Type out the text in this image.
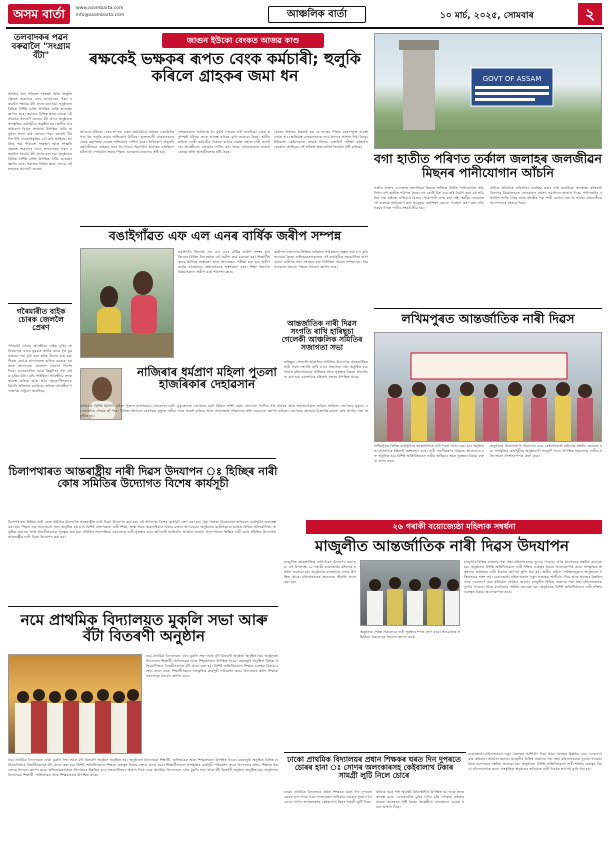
অসম বাৰ্তা	www.asombarta.com
info@asombarta.com	আঞ্চলিক বাৰ্তা	১০ মাৰ্চ, ২০২৫, সোমবাৰ	২
তলবাদকৰ পৱন বৰুৱালৈ "সংগ্ৰাম বঁটা"
আজিৰ পৰা পৰিবেশ সংৰক্ষণ আৰু সংস্কৃতি ক্ষেত্ৰত অৱদানৰ বাবে তলবাদকৰ পৱন বৰুৱালৈ সংগ্ৰাম বঁটা প্ৰদান কৰা হয়। অনুষ্ঠানত বিভিন্ন বিশিষ্ট ব্যক্তি উপস্থিত থাকি শুভেচ্ছা জ্ঞাপন কৰে। সমাজৰ বিভিন্ন স্তৰৰ লোকে এই সন্মানক আদৰণি জনায়। বঁটা প্ৰদান অনুষ্ঠানত সাংস্কৃতিক কাৰ্যসূচীও অনুষ্ঠিত হয়। স্থানীয় জনসাধাৰণে বিপুল সংখ্যাত উপস্থিত থাকি অনুষ্ঠান সফল কৰি তোলে। পৱন বৰুৱাই দীৰ্ঘদিন ধৰি লোকসংস্কৃতিৰ চৰ্চা কৰি আহিছে। আজিৰ পৰা পৰিবেশ সংৰক্ষণ আৰু সংস্কৃতি ক্ষেত্ৰত অৱদানৰ বাবে তলবাদকৰ পৱন বৰুৱালৈ সংগ্ৰাম বঁটা প্ৰদান কৰা হয়। অনুষ্ঠানত বিভিন্ন বিশিষ্ট ব্যক্তি উপস্থিত থাকি শুভেচ্ছা জ্ঞাপন কৰে। সমাজৰ বিভিন্ন স্তৰৰ লোকে এই সন্মানক আদৰণি জনায়।
গৰৈমাৰীত বাইক চোৰক জেললৈ প্ৰেৰণ
গৰৈমাৰী থানাৰ আৰক্ষীয়ে বাইক চুৰিৰ অভিযোগত এজন যুৱকক আটক কৰে। ধৃত যুৱকজনৰ পৰা চুৰি কৰা বাইক উদ্ধাৰ কৰা হয়। পিছত তেওঁক আদালতত হাজিৰ কৰোৱা হয় আৰু আদালতে জেললৈ প্ৰেৰণৰ নিৰ্দেশ দিয়ে। এলেকাটোত যোৱা কিছুদিনৰ পৰা বাইক চুৰিৰ ঘটনা বৃদ্ধি পাইছিল। আৰক্ষীয়ে তদন্ত আৰম্ভ কৰিছে আৰু আন সহযোগীসকলক বিচাৰি অভিযান চলাইছে। ৰাইজে আৰক্ষীৰ পদক্ষেপক সাধুবাদ জনাইছে।
জাগুন ইউকো বেংকত আজৱ কাণ্ড
ৰক্ষকেই ভক্ষকৰ ৰূপত বেংক কৰ্মচাৰী; হুলুকি কৰিলে গ্ৰাহকৰ জমা ধন
জাগুনৰ ইউকো বেংক শাখাৰ এজন কৰ্মচাৰীয়ে গ্ৰাহকৰ একাউণ্টৰ পৰা ধন হুলুকি কৰাৰ অভিযোগ উঠিছে। ভুক্তভোগী গ্ৰাহকসকলে বেংক কৰ্তৃপক্ষৰ ওচৰত অভিযোগ দাখিল কৰে। অভিযোগ অনুসৰি কৰ্মচাৰীজনে গ্ৰাহকৰ জমা ধন নিজৰ হিচাপলৈ স্থানান্তৰ কৰিছিল। ঘটনাটো পোহৰলৈ অহাৰ পিছত এলেকাত চাঞ্চল্যৰ সৃষ্টি হয়।
গ্ৰাহকসকলে অবিলম্বে ধন ঘূৰাই পোৱাৰ দাবী জনাইছে। বেংক কৰ্তৃপক্ষই ঘটনাৰ তদন্ত আৰম্ভ কৰিছে বুলি জনোৱা হৈছে। স্থানীয় ৰাইজে দোষী কৰ্মচাৰীৰ বিৰুদ্ধে কঠোৰ ব্যৱস্থা গ্ৰহণৰ দাবী জনাইছে। আৰক্ষীতো এজাহাৰ দাখিল কৰা হৈছে। গ্ৰাহকসকলৰ মাজত বেংকৰ প্ৰতি আস্থাহীনতাৰ সৃষ্টি হৈছে।
বেংকৰ উৰ্দ্ধতন বিষয়াই কয় যে তদন্তৰ পিছত যথোপযুক্ত ব্যৱস্থা লোৱা হ'ব। ক্ষতিগ্ৰস্ত গ্ৰাহকসকলক ন্যায় প্ৰদানৰ আশ্বাস দিয়া হৈছে। ইতিমধ্যে কেইবাজনো গ্ৰাহকে নিজৰ একাউণ্ট পৰীক্ষা কৰিবলৈ বেংকলৈ আহিছে। এই ঘটনাই অঞ্চলটোত বিতৰ্কৰ সৃষ্টি কৰিছে।
বঙাইগাঁৱত এফ এল এনৰ বাৰ্ষিক জৰীপ সম্পন্ন
বঙাইগাঁও জিলাত এফ এল এনৰ বাৰ্ষিক জৰীপ সম্পন্ন হয়। জিলাৰ বিভিন্ন বিদ্যালয়ত এই জৰীপ কাৰ্য চলোৱা হয়। শিক্ষাৰ্থীসকলৰ মৌলিক সাক্ষৰতা আৰু সংখ্যাজ্ঞান পৰীক্ষা কৰা হয়। জৰীপ কাৰ্যত বহুসংখ্যক স্বেচ্ছাসেৱকে অংশগ্ৰহণ কৰে। শিক্ষা বিভাগৰ বিষয়াসকলে জৰীপ কাৰ্য পৰিদৰ্শন কৰে।
জৰীপৰ ফলাফলৰ ভিত্তিত ভৱিষ্যত পৰিকল্পনা প্ৰস্তুত কৰা হ'ব বুলি জনোৱা হৈছে। অভিভাৱকসকলেও এই কাৰ্যসূচীত সহযোগিতা আগবঢ়ায়। জৰীপৰ তথ্য সংগ্ৰহৰ কাম নিৰ্ধাৰিত সময়ত সম্পন্ন হয়। বিষয়াসকলে সকলো পক্ষকে ধন্যবাদ জ্ঞাপন কৰে।
নাজিৰাৰ ধৰ্মপ্ৰাণ মহিলা পুতলা হাজৰিকাৰ দেহাৱসান
নাজিৰাৰ বিশিষ্ট ধৰ্মপ্ৰাণ মহিলা পুতলা হাজৰিকাৰ দেহাৱসান ঘটে। মৃত্যুকালত তেখেতৰ বয়স হৈছিল আশী বছৰ। তেখেতে দীৰ্ঘদিন ধৰি নামঘৰ আৰু সমাজসেৱাত জড়িত আছিল। তেখেতৰ মৃত্যুত এলেকাটোত শোকৰ ছাঁ পৰে। বিভিন্ন সংগঠনে তেখেতৰ মৃত্যুত গভীৰ শোক প্ৰকাশ কৰিছে আৰু শোকসন্তপ্ত পৰিয়ালৰ প্ৰতি সমবেদনা জ্ঞাপন কৰিছে। তেখেতৰ আত্মাৰ চিৰশান্তি কামনা কৰি প্ৰাৰ্থনা সভা অনুষ্ঠিত হয়।
আন্তৰ্জাতিক নাৰী দিৱস সংগতি ৰাখি হাৰিছ্চা গেলেকী আঞ্চলিক সমিতিৰ সজাগতা সভা
GOVT OF ASSAM
বগা হাতীত পৰিণত তৰ্কাল জলাহৰ জলজীৱন মিছনৰ পানীযোগান আঁচনি
তৰ্কাল জলাহ এলেকাত জলজীৱন মিছনৰ অধীনত নিৰ্মিত পানীযোগান আঁচনিখন বগা হাতীত পৰিণত হৈছে। বহু কোটি টকা ব্যয় কৰি নিৰ্মাণ কৰা এই আঁচনিৰ পৰা ৰাইজে এতিয়াও বিশুদ্ধ খোৱাপানী লাভ কৰা নাই। স্থানীয় লোকসকলে বাৰম্বাৰ অভিযোগ কৰা সত্ত্বেও কৰ্তৃপক্ষই কোনো পদক্ষেপ গ্ৰহণ কৰা নাই। গৰমৰ দিনত পানীৰ সংকট তীব্ৰ হয়।
ৰাইজে অবিলম্বে আঁচনিখন কাৰ্যক্ষম কৰাৰ দাবী জনাইছে। জনস্বাস্থ্য কাৰিকৰী বিভাগৰ বিষয়াসকলে সোনকালে সমস্যা সমাধানৰ আশ্বাস দিছে। পাইপলাইন বহুঠাইত ভাঙি গৈছে আৰু টেংকীৰ পৰা পানী যোগান বন্ধ হৈ আছে। গ্ৰামবাসীয়ে আন্দোলনৰ হুংকাৰ দিছে।
লখিমপুৰত আন্তৰ্জাতিক নাৰী দিৱস
লখিমপুৰত বিভিন্ন কাৰ্যসূচীৰে আন্তৰ্জাতিক নাৰী দিৱস পালন কৰা হয়। অনুষ্ঠানত বহুসংখ্যক মহিলাই অংশগ্ৰহণ কৰে। নাৰী সবলীকৰণৰ বিষয়ত আলোচনা চক্ৰ অনুষ্ঠিত হয়। বিশিষ্ট অতিথিসকলে নাৰীৰ অধিকাৰ আৰু সুৰক্ষাৰ বিষয়ে বক্তব্য প্ৰদান কৰে।
অনুষ্ঠানত উল্লেখযোগ্য অৱদানৰ বাবে কেইবাগৰাকী মহিলাক সম্বৰ্ধনা জনোৱা হয়। সাংস্কৃতিক কাৰ্যসূচীৰে অনুষ্ঠানটো সামৰণি পৰে। উপস্থিত সকলোৱে নাৰীৰ প্ৰতি সন্মান প্ৰদৰ্শনৰ শপত গ্ৰহণ কৰে।
চিলাপথাৰত আন্তৰাষ্ট্ৰীয় নাৰী দিৱস উদযাপন ঃ হিচ্ছিৰ নাৰী কোষ সমিতিৰ উদ্যোগত বিশেষ কাৰ্যসূচী
চিলাপথাৰত হিচ্ছিৰ নাৰী কোষ সমিতিৰ উদ্যোগত আন্তৰাষ্ট্ৰীয় নাৰী দিৱস উদযাপন কৰা হয়। এই উপলক্ষে বিশেষ কাৰ্যসূচী গ্ৰহণ কৰা হয়। পুৱা পতাকা উত্তোলনৰ জৰিয়তে কাৰ্যসূচীৰ শুভাৰম্ভ কৰা হয়। পিছত এক আলোচনা সভা অনুষ্ঠিত হয় য'ত বিশিষ্ট বক্তাসকলে নাৰী শিক্ষা, স্বাস্থ্য আৰু স্বাৱলম্বিতাৰ বিষয়ে বক্তব্য আগবঢ়ায়। অনুষ্ঠানত ছাত্ৰীসকলৰ মাজত বিভিন্ন প্ৰতিযোগিতা অনুষ্ঠিত কৰা হয় আৰু বিজয়ীসকলক পুৰস্কৃত কৰা হয়। সমিতিৰ সভাপতিয়ে সকলোকে নাৰী সুৰক্ষাৰ বাবে আগবাঢ়ি আহিবলৈ আহ্বান জনায়। চিলাপথাৰত হিচ্ছিৰ নাৰী কোষ সমিতিৰ উদ্যোগত আন্তৰাষ্ট্ৰীয় নাৰী দিৱস উদযাপন কৰা হয়।
হাৰিছ্চা গেলেকী আঞ্চলিক সমিতিৰ উদ্যোগত আন্তৰ্জাতিক নাৰী দিৱস সংগতি ৰাখি এখন সজাগতা সভা অনুষ্ঠিত হয়। সভাত মহিলাসকলৰ অধিকাৰ আৰু সুৰক্ষাৰ বিষয়ে আলোচনা কৰা হয়। বহুসংখ্যক মহিলাই সভাত উপস্থিত থাকে।
২৬ গৰাকী বয়োজ্যেষ্ঠা মহিলাক সম্বৰ্ধনা
মাজুলীত আন্তৰ্জাতিক নাৰী দিৱস উদযাপন
মাজুলীত আন্তৰ্জাতিক নাৰী দিৱস উদযাপন কৰা হয়। এই উপলক্ষে ২৬ গৰাকী বয়োজ্যেষ্ঠা মহিলাক সম্বৰ্ধনা জনোৱা হয়। অনুষ্ঠানত বহুসংখ্যক লোক উপস্থিত থাকে। মহিলাসকলৰ অৱদানক স্বীকৃতি প্ৰদান কৰা হয়।
মাজুলীৰ বিভিন্ন অঞ্চলৰ পৰা অহা মহিলাসকলক ফুলাম গামোচা আৰু মানপত্ৰৰে সম্বৰ্ধনা জনোৱা হয়। অনুষ্ঠানত বিশিষ্ট অতিথিসকলে নাৰী শক্তিৰ গুৰুত্বৰ বিষয়ে আলোকপাত কৰে। সাংস্কৃতিক অনুষ্ঠানৰ জৰিয়তে নাৰী দিৱসৰ তাৎপৰ্য তুলি ধৰা হয়। স্থানীয় মহিলা সমিতিসমূহেও অনুষ্ঠানত সক্ৰিয়ভাৱে অংশ লয়। বয়োজ্যেষ্ঠা মহিলাসকলে নতুন প্ৰজন্মক আশীৰ্বাদ দিয়ে আৰু সমাজৰ উন্নতিৰ বাবে একেলগে কাম কৰিবলৈ আহ্বান জনায়। মাজুলীৰ বিভিন্ন অঞ্চলৰ পৰা অহা মহিলাসকলক ফুলাম গামোচা আৰু মানপত্ৰৰে সম্বৰ্ধনা জনোৱা হয়। অনুষ্ঠানত বিশিষ্ট অতিথিসকলে নাৰী শক্তিৰ গুৰুত্বৰ বিষয়ে আলোকপাত কৰে।
অনুষ্ঠানৰ শেষত সকলোৱে নাৰী সুৰক্ষাৰ শপত গ্ৰহণ কৰে। আয়োজক সমিতিয়ে সকলোকে ধন্যবাদ জ্ঞাপন কৰে।
নমে প্ৰাথমিক বিদ্যালয়ত মুকলি সভা আৰু বঁটা বিতৰণী অনুষ্ঠান
নমে প্ৰাথমিক বিদ্যালয়ত এখন মুকলি সভা আৰু বঁটা বিতৰণী অনুষ্ঠান অনুষ্ঠিত হয়। অনুষ্ঠানত বিদ্যালয়ৰ শিক্ষাৰ্থী, অভিভাৱক আৰু শিক্ষকসকল উপস্থিত থাকে। বছৰজুৰি অনুষ্ঠিত বিভিন্ন প্ৰতিযোগিতাৰ বিজয়ীসকলক বঁটা প্ৰদান কৰা হয়। বিশিষ্ট অতিথিসকলে শিক্ষাৰ গুৰুত্বৰ বিষয়ে বক্তব্য প্ৰদান কৰে। শিক্ষাৰ্থীসকলে সাংস্কৃতিক কাৰ্যসূচী পৰিৱেশন কৰে। বিদ্যালয়ৰ প্ৰধান শিক্ষকে সকলোকে ধন্যবাদ জ্ঞাপন কৰে।
নমে প্ৰাথমিক বিদ্যালয়ত এখন মুকলি সভা আৰু বঁটা বিতৰণী অনুষ্ঠান অনুষ্ঠিত হয়। অনুষ্ঠানত বিদ্যালয়ৰ শিক্ষাৰ্থী, অভিভাৱক আৰু শিক্ষকসকল উপস্থিত থাকে। বছৰজুৰি অনুষ্ঠিত বিভিন্ন প্ৰতিযোগিতাৰ বিজয়ীসকলক বঁটা প্ৰদান কৰা হয়। বিশিষ্ট অতিথিসকলে শিক্ষাৰ গুৰুত্বৰ বিষয়ে বক্তব্য প্ৰদান কৰে। শিক্ষাৰ্থীসকলে সাংস্কৃতিক কাৰ্যসূচী পৰিৱেশন কৰে। বিদ্যালয়ৰ প্ৰধান শিক্ষকে সকলোকে ধন্যবাদ জ্ঞাপন কৰে। অভিভাৱকসকলে বিদ্যালয়ৰ উন্নতিৰ বাবে সহযোগিতাৰ আশ্বাস দিয়ে। নমে প্ৰাথমিক বিদ্যালয়ত এখন মুকলি সভা আৰু বঁটা বিতৰণী অনুষ্ঠান অনুষ্ঠিত হয়। অনুষ্ঠানত বিদ্যালয়ৰ শিক্ষাৰ্থী, অভিভাৱক আৰু শিক্ষকসকল উপস্থিত থাকে।
ঢাকো প্ৰাথমিক বিদ্যালয়ৰ প্ৰধান শিক্ষকৰ ঘৰত দিন দুপৰতে চোৰৰ হানা ঃ সোণৰ অলংকাৰসহ কেইবালাখ টকাৰ সামগ্ৰী লুটি নিলে চোৰে
ঢাকো প্ৰাথমিক বিদ্যালয়ৰ প্ৰধান শিক্ষকৰ ঘৰত দিন দুপৰতে চোৰৰ হানা পৰে। ঘৰৰ সদস্যসকল বাহিৰলৈ যোৱাৰ সুযোগ লৈ চোৰে সোণৰ অলংকাৰসহ কেইবালাখ টকাৰ সামগ্ৰী লুটি নিয়ে।
ঘটনাৰ খবৰ পাই আৰক্ষী ঘটনাস্থলীত উপস্থিত হয় আৰু তদন্ত আৰম্ভ কৰে। এলেকাটোত চুৰিৰ ঘটনা বৃদ্ধি পোৱাত ৰাইজৰ মাজত আতংকৰ সৃষ্টি হৈছে। আৰক্ষীয়ে সোনকালে চোৰক ধৰাৰ আশ্বাস দিছে।
বয়োজ্যেষ্ঠা মহিলাসকলে নতুন প্ৰজন্মক আশীৰ্বাদ দিয়ে আৰু সমাজৰ উন্নতিৰ বাবে একেলগে কাম কৰিবলৈ আহ্বান জনায়। মাজুলীৰ বিভিন্ন অঞ্চলৰ পৰা অহা মহিলাসকলক ফুলাম গামোচা আৰু মানপত্ৰৰে সম্বৰ্ধনা জনোৱা হয়। অনুষ্ঠানত বিশিষ্ট অতিথিসকলে নাৰী শক্তিৰ গুৰুত্বৰ বিষয়ে আলোকপাত কৰে। সাংস্কৃতিক অনুষ্ঠানৰ জৰিয়তে নাৰী দিৱসৰ তাৎপৰ্য তুলি ধৰা হয়।
